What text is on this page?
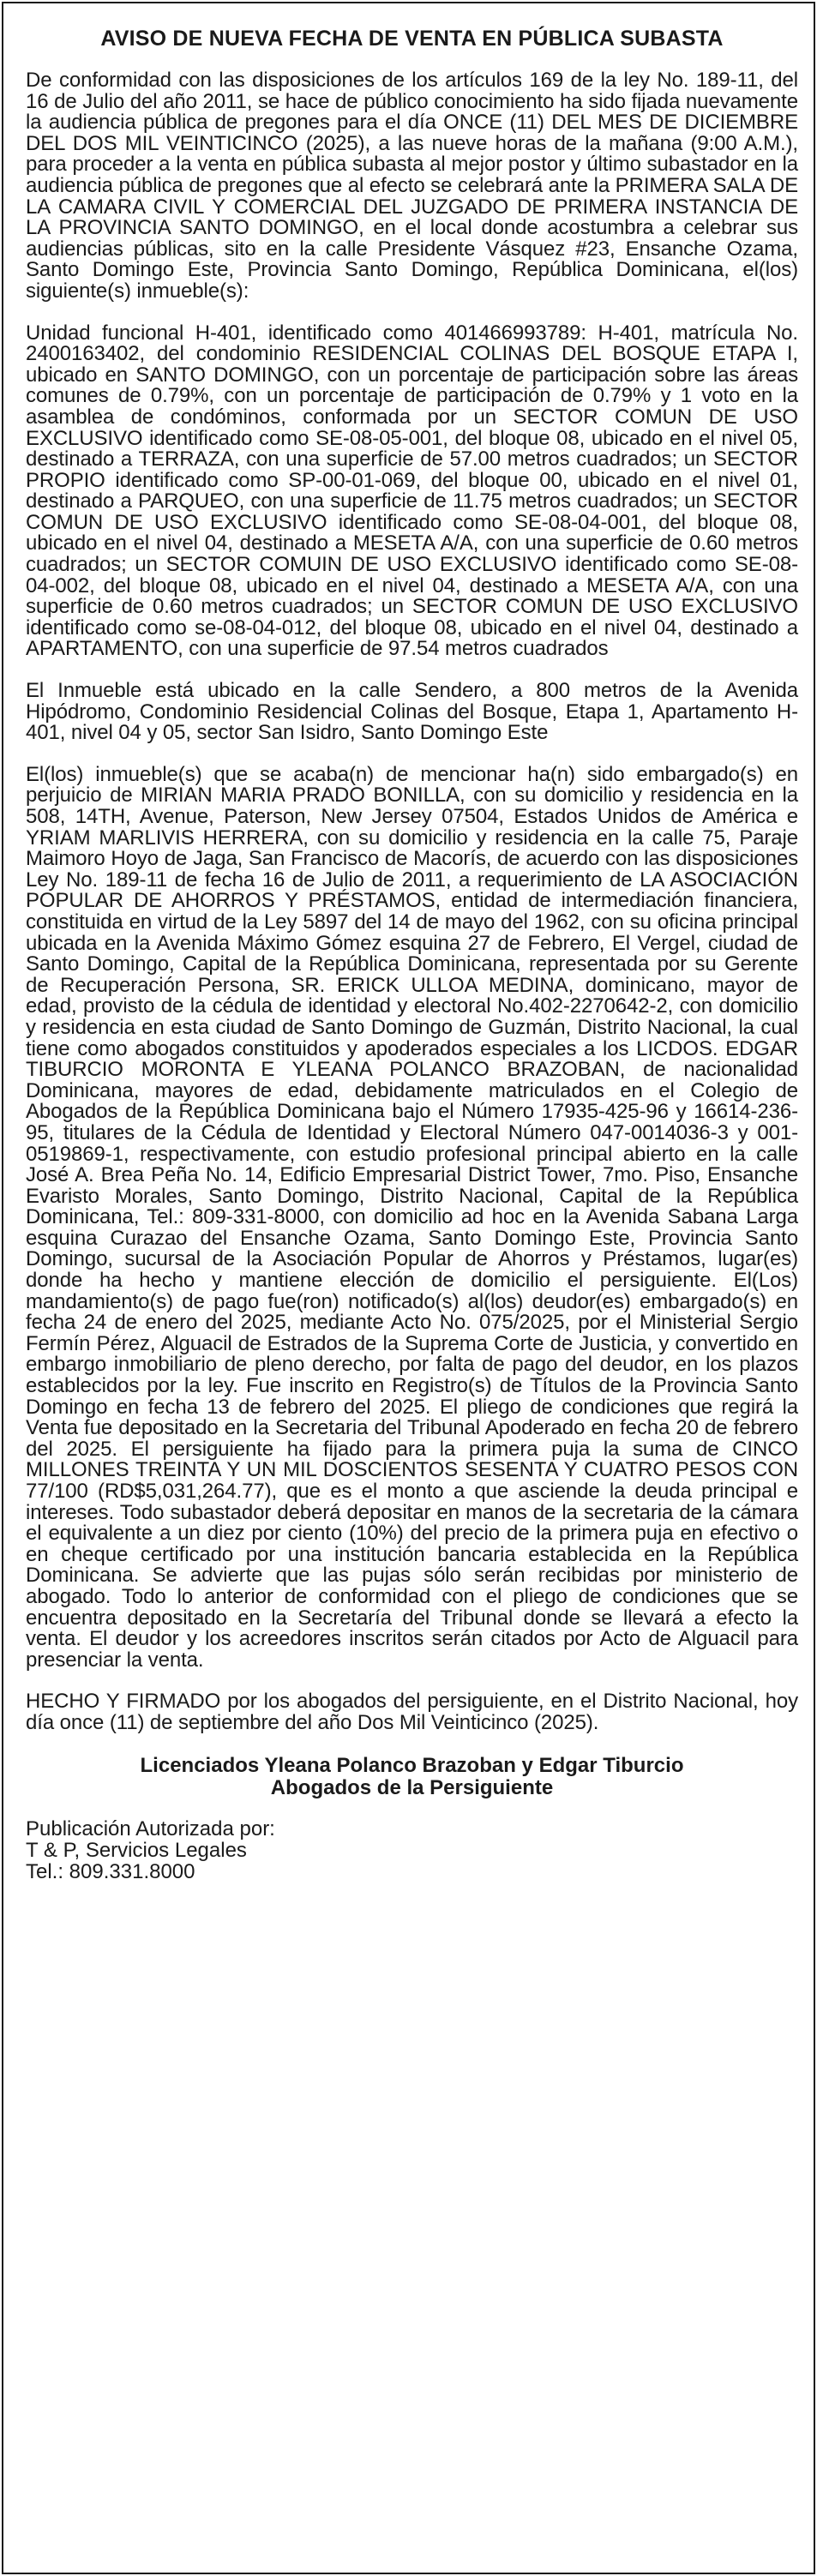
AVISO DE NUEVA FECHA DE VENTA EN PÚBLICA SUBASTA
De conformidad con las disposiciones de los artículos 169 de la ley No. 189-11, del 16 de Julio del año 2011, se hace de público conocimiento ha sido fijada nuevamente la audiencia pública de pregones para el día ONCE (11) DEL MES DE DICIEMBRE DEL DOS MIL VEINTICINCO (2025), a las nueve horas de la mañana (9:00 A.M.), para proceder a la venta en pública subasta al mejor postor y último subastador en la audiencia pública de pregones que al efecto se celebrará ante la PRIMERA SALA DE LA CAMARA CIVIL Y COMERCIAL DEL JUZGADO DE PRIMERA INSTANCIA DE LA PROVINCIA SANTO DOMINGO, en el local donde acostumbra a celebrar sus audiencias públicas, sito en la calle Presidente Vásquez #23, Ensanche Ozama, Santo Domingo Este, Provincia Santo Domingo, República Dominicana, el(los) siguiente(s) inmueble(s):
Unidad funcional H-401, identificado como 401466993789: H-401, matrícula No. 2400163402, del condominio RESIDENCIAL COLINAS DEL BOSQUE ETAPA I, ubicado en SANTO DOMINGO, con un porcentaje de participación sobre las áreas comunes de 0.79%, con un porcentaje de participación de 0.79% y 1 voto en la asamblea de condóminos, conformada por un SECTOR COMUN DE USO EXCLUSIVO identificado como SE-08-05-001, del bloque 08, ubicado en el nivel 05, destinado a TERRAZA, con una superficie de 57.00 metros cuadrados; un SECTOR PROPIO identificado como SP-00-01-069, del bloque 00, ubicado en el nivel 01, destinado a PARQUEO, con una superficie de 11.75 metros cuadrados; un SECTOR COMUN DE USO EXCLUSIVO identificado como SE-08-04-001, del bloque 08, ubicado en el nivel 04, destinado a MESETA A/A, con una superficie de 0.60 metros cuadrados; un SECTOR COMUIN DE USO EXCLUSIVO identificado como SE-08-04-002, del bloque 08, ubicado en el nivel 04, destinado a MESETA A/A, con una superficie de 0.60 metros cuadrados; un SECTOR COMUN DE USO EXCLUSIVO identificado como se-08-04-012, del bloque 08, ubicado en el nivel 04, destinado a APARTAMENTO, con una superficie de 97.54 metros cuadrados
El Inmueble está ubicado en la calle Sendero, a 800 metros de la Avenida Hipódromo, Condominio Residencial Colinas del Bosque, Etapa 1, Apartamento H-401, nivel 04 y 05, sector San Isidro, Santo Domingo Este
El(los) inmueble(s) que se acaba(n) de mencionar ha(n) sido embargado(s) en perjuicio de MIRIAN MARIA PRADO BONILLA, con su domicilio y residencia en la 508, 14TH, Avenue, Paterson, New Jersey 07504, Estados Unidos de América e YRIAM MARLIVIS HERRERA, con su domicilio y residencia en la calle 75, Paraje Maimoro Hoyo de Jaga, San Francisco de Macorís, de acuerdo con las disposiciones Ley No. 189-11 de fecha 16 de Julio de 2011, a requerimiento de LA ASOCIACIÓN POPULAR DE AHORROS Y PRÉSTAMOS, entidad de intermediación financiera, constituida en virtud de la Ley 5897 del 14 de mayo del 1962, con su oficina principal ubicada en la Avenida Máximo Gómez esquina 27 de Febrero, El Vergel, ciudad de Santo Domingo, Capital de la República Dominicana, representada por su Gerente de Recuperación Persona, SR. ERICK ULLOA MEDINA, dominicano, mayor de edad, provisto de la cédula de identidad y electoral No.402-2270642-2, con domicilio y residencia en esta ciudad de Santo Domingo de Guzmán, Distrito Nacional, la cual tiene como abogados constituidos y apoderados especiales a los LICDOS. EDGAR TIBURCIO MORONTA E YLEANA POLANCO BRAZOBAN, de nacionalidad Dominicana, mayores de edad, debidamente matriculados en el Colegio de Abogados de la República Dominicana bajo el Número 17935-425-96 y 16614-236-95, titulares de la Cédula de Identidad y Electoral Número 047-0014036-3 y 001-0519869-1, respectivamente, con estudio profesional principal abierto en la calle José A. Brea Peña No. 14, Edificio Empresarial District Tower, 7mo. Piso, Ensanche Evaristo Morales, Santo Domingo, Distrito Nacional, Capital de la República Dominicana, Tel.: 809-331-8000, con domicilio ad hoc en la Avenida Sabana Larga esquina Curazao del Ensanche Ozama, Santo Domingo Este, Provincia Santo Domingo, sucursal de la Asociación Popular de Ahorros y Préstamos, lugar(es) donde ha hecho y mantiene elección de domicilio el persiguiente. El(Los) mandamiento(s) de pago fue(ron) notificado(s) al(los) deudor(es) embargado(s) en fecha 24 de enero del 2025, mediante Acto No. 075/2025, por el Ministerial Sergio Fermín Pérez, Alguacil de Estrados de la Suprema Corte de Justicia, y convertido en embargo inmobiliario de pleno derecho, por falta de pago del deudor, en los plazos establecidos por la ley. Fue inscrito en Registro(s) de Títulos de la Provincia Santo Domingo en fecha 13 de febrero del 2025. El pliego de condiciones que regirá la Venta fue depositado en la Secretaria del Tribunal Apoderado en fecha 20 de febrero del 2025. El persiguiente ha fijado para la primera puja la suma de CINCO MILLONES TREINTA Y UN MIL DOSCIENTOS SESENTA Y CUATRO PESOS CON 77/100 (RD$5,031,264.77), que es el monto a que asciende la deuda principal e intereses. Todo subastador deberá depositar en manos de la secretaria de la cámara el equivalente a un diez por ciento (10%) del precio de la primera puja en efectivo o en cheque certificado por una institución bancaria establecida en la República Dominicana. Se advierte que las pujas sólo serán recibidas por ministerio de abogado. Todo lo anterior de conformidad con el pliego de condiciones que se encuentra depositado en la Secretaría del Tribunal donde se llevará a efecto la venta. El deudor y los acreedores inscritos serán citados por Acto de Alguacil para presenciar la venta.
HECHO Y FIRMADO por los abogados del persiguiente, en el Distrito Nacional, hoy día once (11) de septiembre del año Dos Mil Veinticinco (2025).
Licenciados Yleana Polanco Brazoban y Edgar Tiburcio
Abogados de la Persiguiente
Publicación Autorizada por:
T & P, Servicios Legales
Tel.: 809.331.8000
